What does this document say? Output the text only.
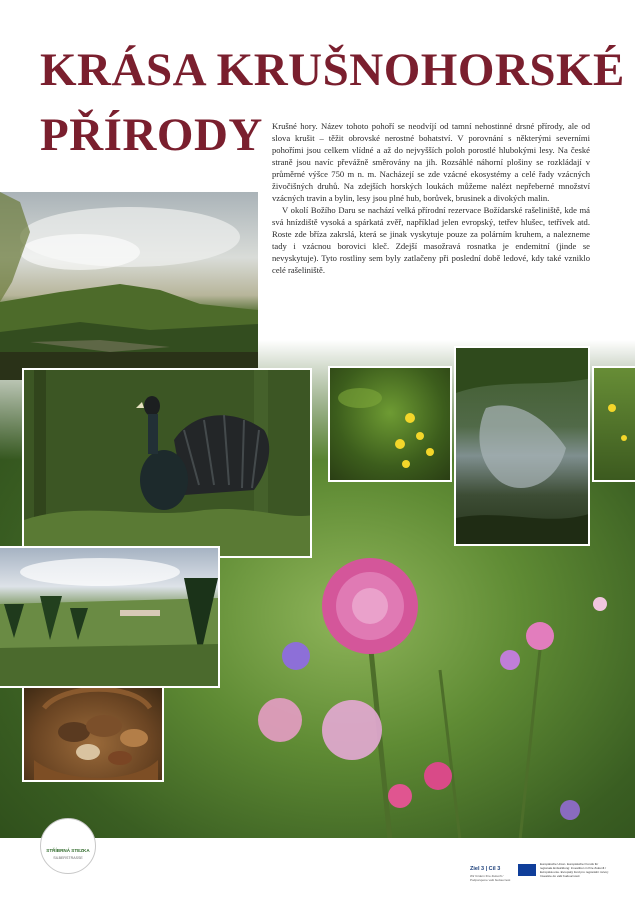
KRÁSA KRUŠNOHORSKÉ
PŘÍRODY Krušné hory. Název tohoto pohoří se neodvíjí od tamní nehostinné drsné přírody, ale od slova krušit – těžit obrovské nerostné bohatství. V porovnání s některými severními pohořími jsou celkem vlídné a až do nejvyšších poloh porostlé hlubokými lesy. Na české straně jsou navíc převážně směrovány na jih. Rozsáhlé náhorní plošiny se rozkládají v průměrné výšce 750 m n. m. Nacházejí se zde vzácné ekosystémy a celé řady vzácných živočišných druhů. Na zdejších horských loukách můžeme nalézt nepřeberné množství vzácných travin a bylin, lesy jsou plné hub, borůvek, brusinek a divokých malin.

V okolí Božího Daru se nachází velká přírodní rezervace Božídarské rašeliniště, kde má svá hnízdiště vysoká a spárkatá zvěř, například jelen evropský, tetřev hlušec, tetřívek atd. Roste zde bříza zakrslá, která se jinak vyskytuje pouze za polárním kruhem, a nalezneme tady i vzácnou borovici kleč. Zdejší masožravá rosnatka je endemitní (jinde se nevyskytuje). Tyto rostliny sem byly zatlačeny při poslední době ledové, kdy také vzniklo celé rašeliniště.

STŘÍBRNÁ STEZKA
SILBERSTRASSE
Ziel 3 | Cíl 3
Wir fördern Ihre Zukunft / Podporujeme vaši budoucnost
Europäische Union. Europäischer Fonds für regionale Entwicklung: Investition in Ihre Zukunft / Evropská unie. Evropský fond pro regionální rozvoj: Investice do vaší budoucnosti
